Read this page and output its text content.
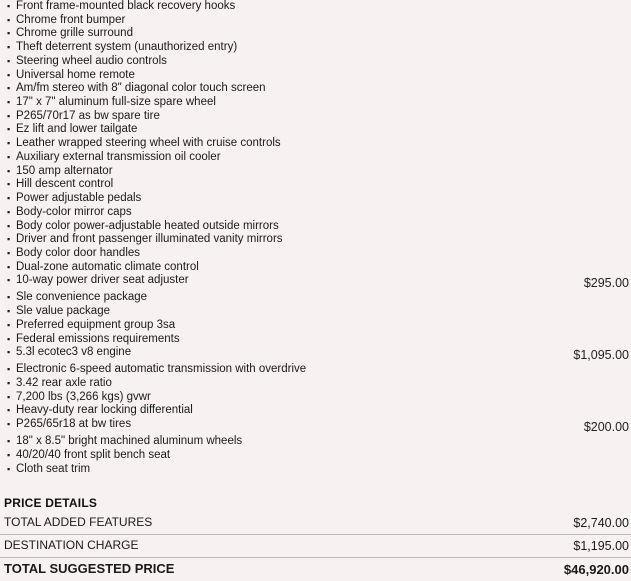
▪ Front frame-mounted black recovery hooks
▪ Chrome front bumper
▪ Chrome grille surround
▪ Theft deterrent system (unauthorized entry)
▪ Steering wheel audio controls
▪ Universal home remote
▪ Am/fm stereo with 8" diagonal color touch screen
▪ 17" x 7" aluminum full-size spare wheel
▪ P265/70r17 as bw spare tire
▪ Ez lift and lower tailgate
▪ Leather wrapped steering wheel with cruise controls
▪ Auxiliary external transmission oil cooler
▪ 150 amp alternator
▪ Hill descent control
▪ Power adjustable pedals
▪ Body-color mirror caps
▪ Body color power-adjustable heated outside mirrors
▪ Driver and front passenger illuminated vanity mirrors
▪ Body color door handles
▪ Dual-zone automatic climate control
▪ 10-way power driver seat adjuster	$295.00
▪ Sle convenience package
▪ Sle value package
▪ Preferred equipment group 3sa
▪ Federal emissions requirements
▪ 5.3l ecotec3 v8 engine	$1,095.00
▪ Electronic 6-speed automatic transmission with overdrive
▪ 3.42 rear axle ratio
▪ 7,200 lbs (3,266 kgs) gvwr
▪ Heavy-duty rear locking differential
▪ P265/65r18 at bw tires	$200.00
▪ 18" x 8.5" bright machined aluminum wheels
▪ 40/20/40 front split bench seat
▪ Cloth seat trim
PRICE DETAILS
TOTAL ADDED FEATURES	$2,740.00
DESTINATION CHARGE	$1,195.00
TOTAL SUGGESTED PRICE	$46,920.00
